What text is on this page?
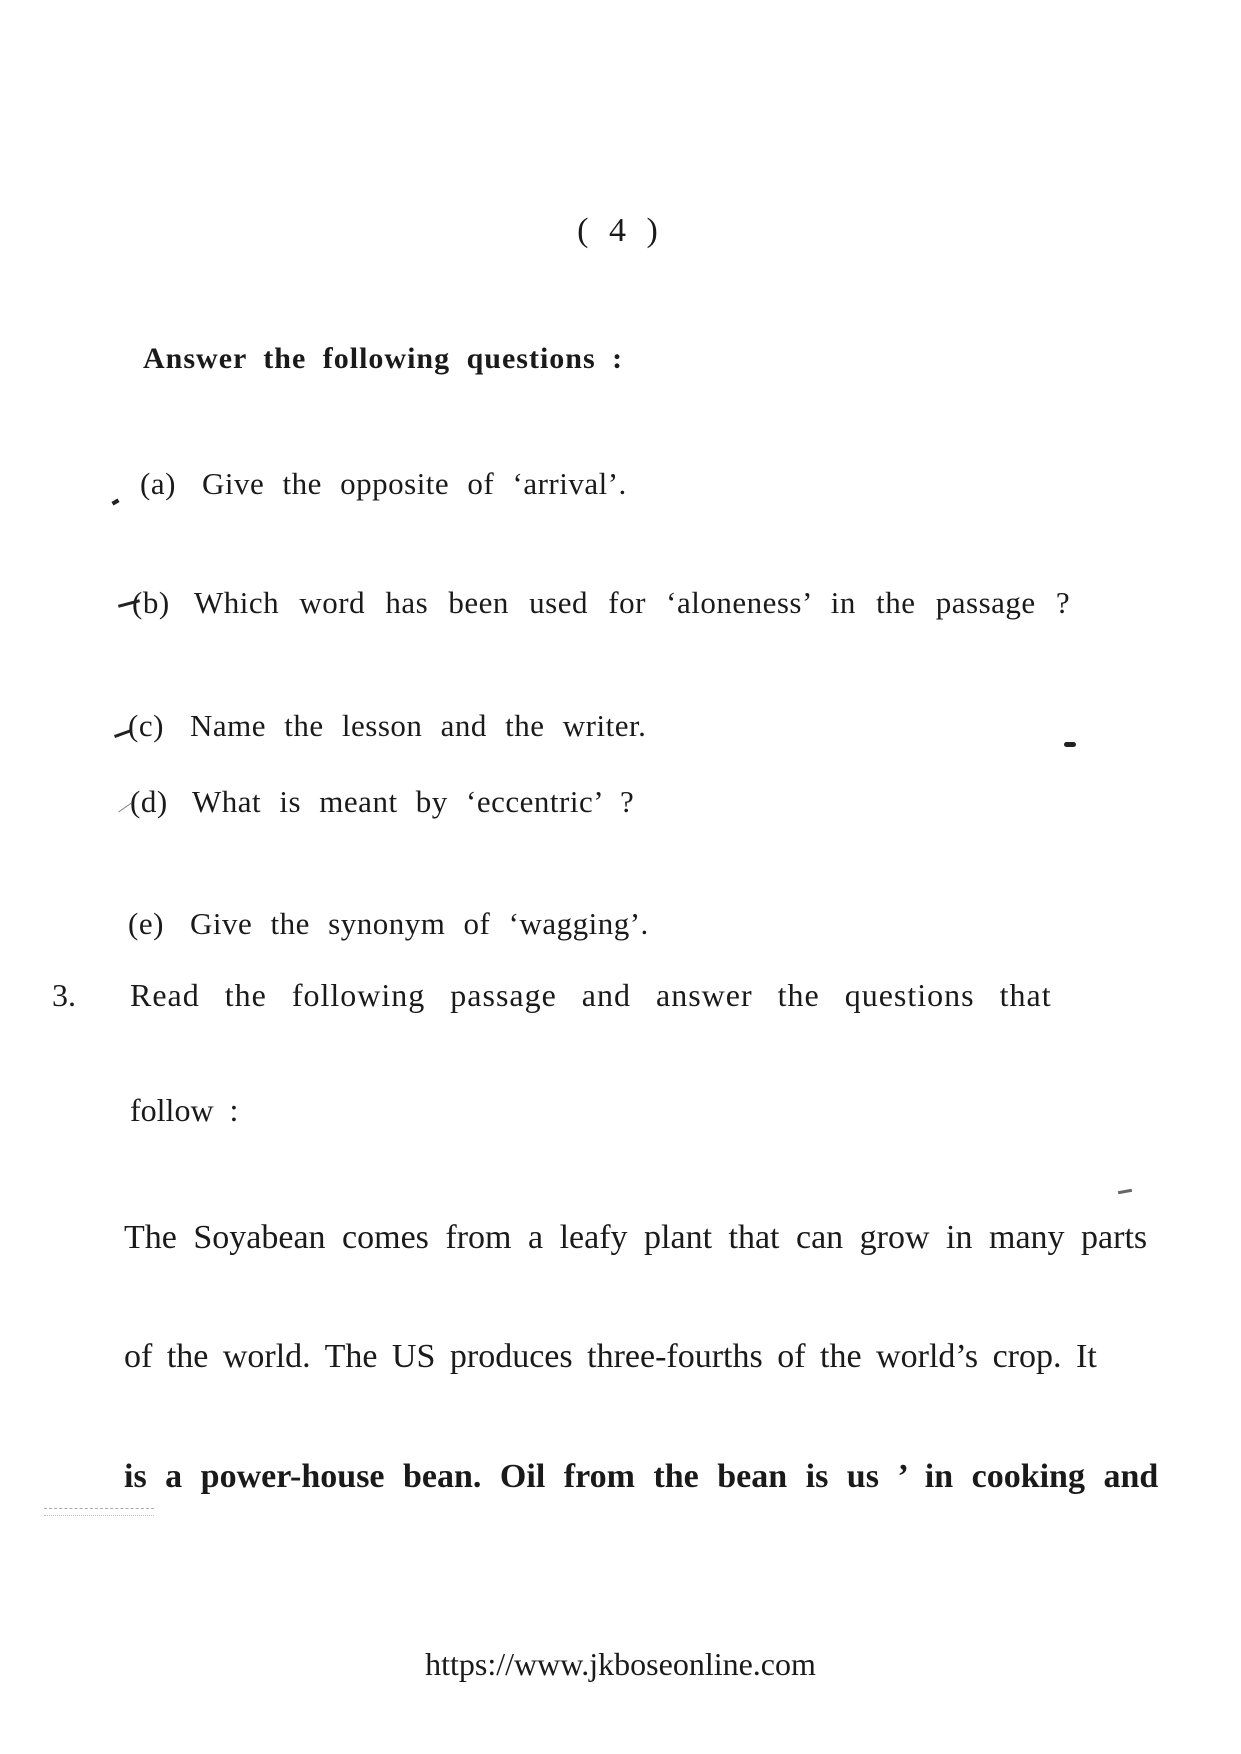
( 4 )
Answer the following questions :
(a) Give the opposite of ‘arrival’.
(b) Which word has been used for ‘aloneness’ in the passage ?
(c) Name the lesson and the writer.
(d) What is meant by ‘eccentric’ ?
(e) Give the synonym of ‘wagging’.
3. Read the following passage and answer the questions that
follow :
The Soyabean comes from a leafy plant that can grow in many parts
of the world. The US produces three-fourths of the world’s crop. It
is a power-house bean. Oil from the bean is us ’ in cooking and
https://www.jkboseonline.com
